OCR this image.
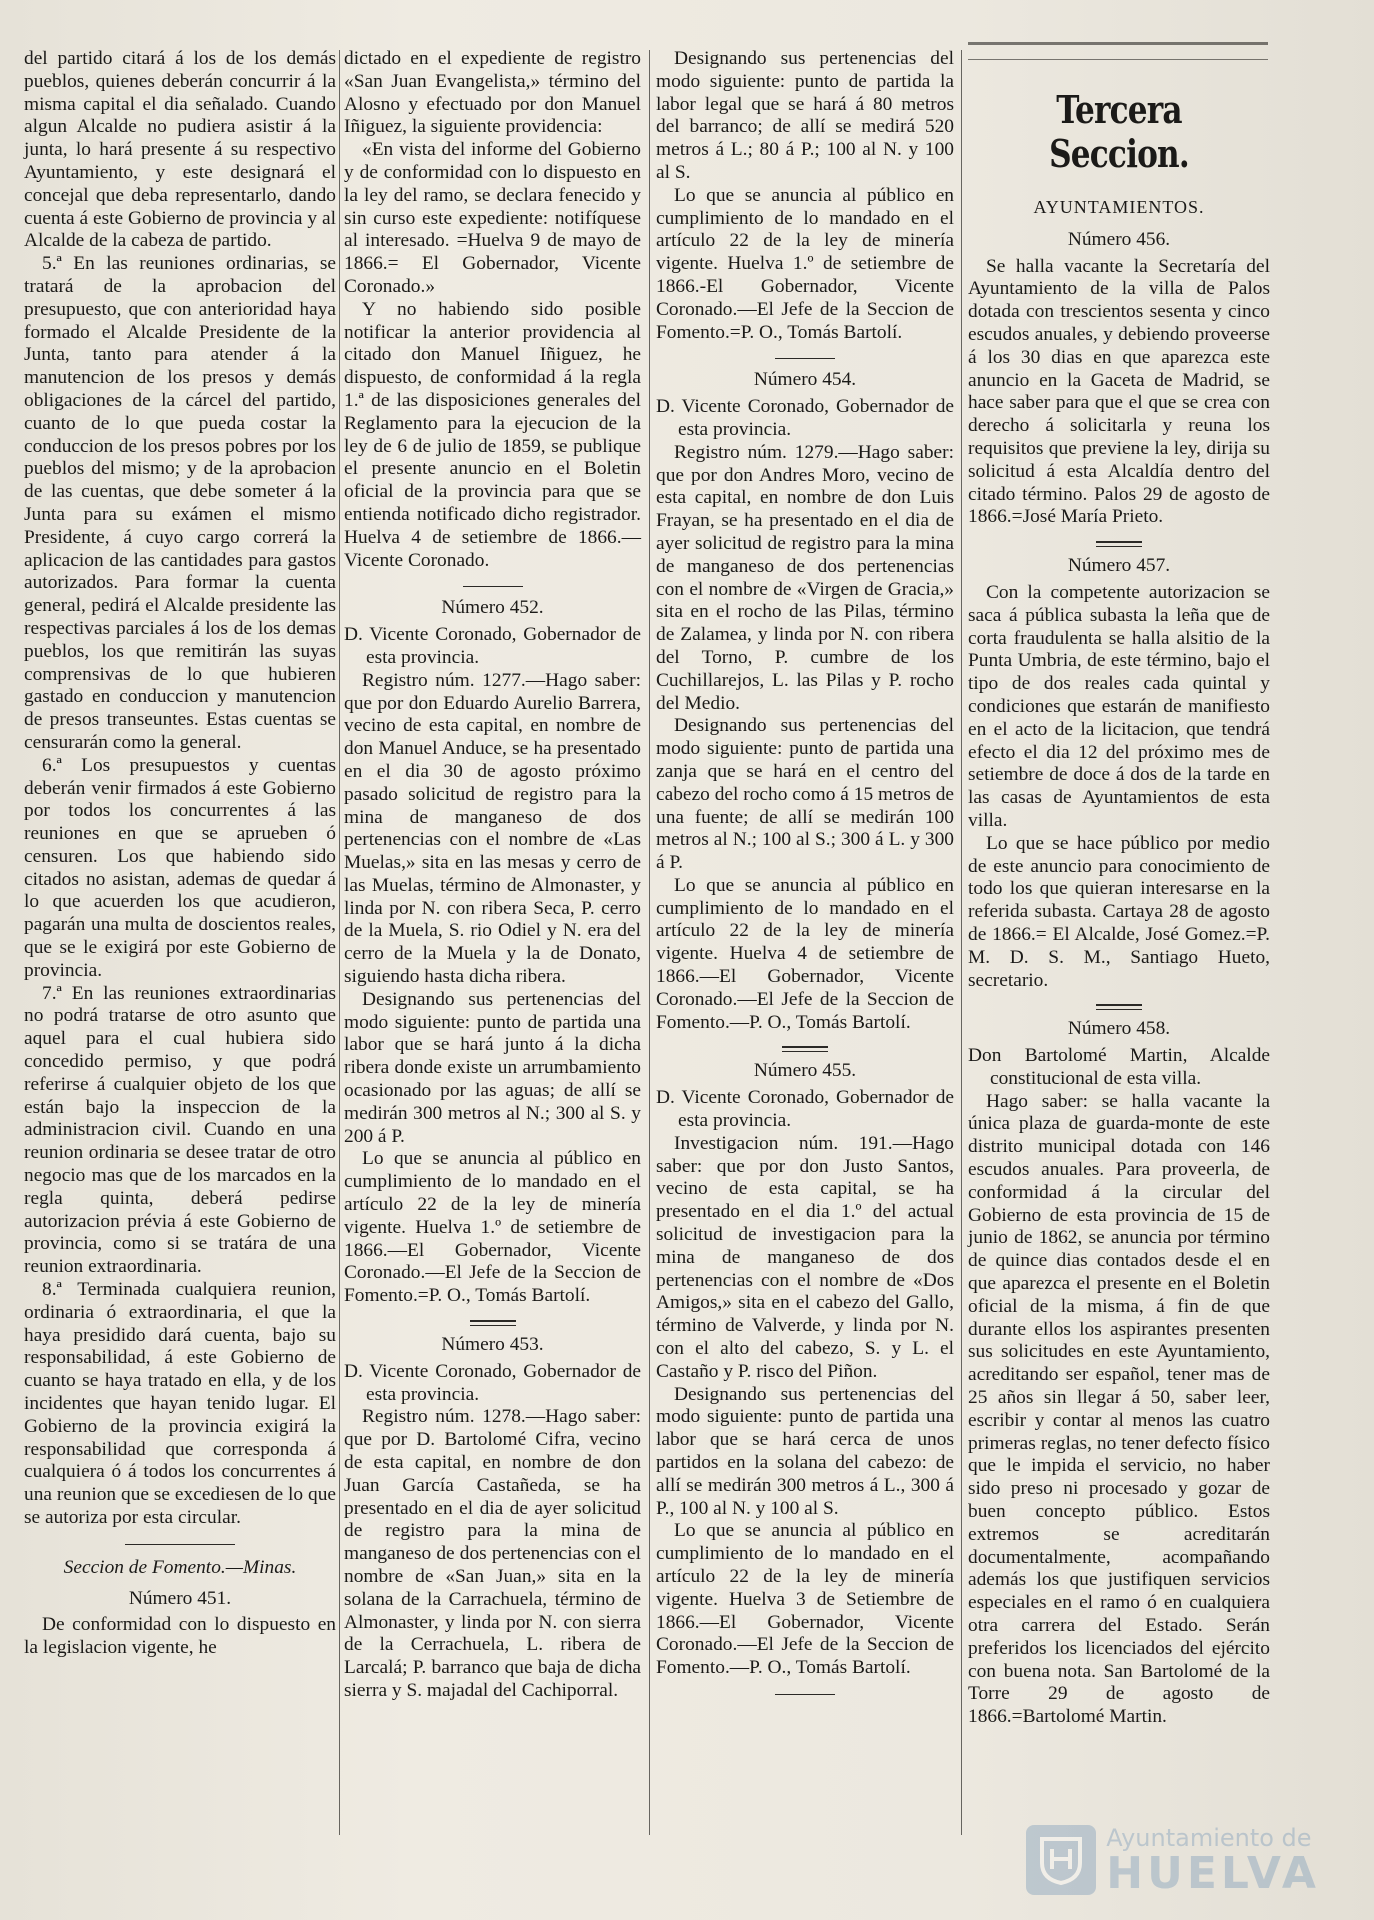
del partido citará á los de los demás pueblos, quienes deberán concurrir á la misma capital el dia señalado. Cuando algun Alcalde no pudiera asistir á la junta, lo hará presente á su respectivo Ayuntamiento, y este designará el concejal que deba representarlo, dando cuenta á este Gobierno de provincia y al Alcalde de la cabeza de partido.

5.ª En las reuniones ordinarias, se tratará de la aprobacion del presupuesto, que con anterioridad haya formado el Alcalde Presidente de la Junta, tanto para atender á la manutencion de los presos y demás obligaciones de la cárcel del partido, cuanto de lo que pueda costar la conduccion de los presos pobres por los pueblos del mismo; y de la aprobacion de las cuentas, que debe someter á la Junta para su exámen el mismo Presidente, á cuyo cargo correrá la aplicacion de las cantidades para gastos autorizados. Para formar la cuenta general, pedirá el Alcalde presidente las respectivas parciales á los de los demas pueblos, los que remitirán las suyas comprensivas de lo que hubieren gastado en conduccion y manutencion de presos transeuntes. Estas cuentas se censurarán como la general.

6.ª Los presupuestos y cuentas deberán venir firmados á este Gobierno por todos los concurrentes á las reuniones en que se aprueben ó censuren. Los que habiendo sido citados no asistan, ademas de quedar á lo que acuerden los que acudieron, pagarán una multa de doscientos reales, que se le exigirá por este Gobierno de provincia.

7.ª En las reuniones extraordinarias no podrá tratarse de otro asunto que aquel para el cual hubiera sido concedido permiso, y que podrá referirse á cualquier objeto de los que están bajo la inspeccion de la administracion civil. Cuando en una reunion ordinaria se desee tratar de otro negocio mas que de los marcados en la regla quinta, deberá pedirse autorizacion prévia á este Gobierno de provincia, como si se tratára de una reunion extraordinaria.

8.ª Terminada cualquiera reunion, ordinaria ó extraordinaria, el que la haya presidido dará cuenta, bajo su responsabilidad, á este Gobierno de cuanto se haya tratado en ella, y de los incidentes que hayan tenido lugar. El Gobierno de la provincia exigirá la responsabilidad que corresponda á cualquiera ó á todos los concurrentes á una reunion que se excediesen de lo que se autoriza por esta circular.

Seccion de Fomento.—Minas.

Número 451.

De conformidad con lo dispuesto en la legislacion vigente, he

dictado en el expediente de registro «San Juan Evangelista,» término del Alosno y efectuado por don Manuel Iñiguez, la siguiente providencia:

«En vista del informe del Gobierno y de conformidad con lo dispuesto en la ley del ramo, se declara fenecido y sin curso este expediente: notifíquese al interesado. =Huelva 9 de mayo de 1866.= El Gobernador, Vicente Coronado.»

Y no habiendo sido posible notificar la anterior providencia al citado don Manuel Iñiguez, he dispuesto, de conformidad á la regla 1.ª de las disposiciones generales del Reglamento para la ejecucion de la ley de 6 de julio de 1859, se publique el presente anuncio en el Boletin oficial de la provincia para que se entienda notificado dicho registrador. Huelva 4 de setiembre de 1866.—Vicente Coronado.

Número 452.

D. Vicente Coronado, Gobernador de esta provincia.

Registro núm. 1277.—Hago saber: que por don Eduardo Aurelio Barrera, vecino de esta capital, en nombre de don Manuel Anduce, se ha presentado en el dia 30 de agosto próximo pasado solicitud de registro para la mina de manganeso de dos pertenencias con el nombre de «Las Muelas,» sita en las mesas y cerro de las Muelas, término de Almonaster, y linda por N. con ribera Seca, P. cerro de la Muela, S. rio Odiel y N. era del cerro de la Muela y la de Donato, siguiendo hasta dicha ribera.

Designando sus pertenencias del modo siguiente: punto de partida una labor que se hará junto á la dicha ribera donde existe un arrumbamiento ocasionado por las aguas; de allí se medirán 300 metros al N.; 300 al S. y 200 á P.

Lo que se anuncia al público en cumplimiento de lo mandado en el artículo 22 de la ley de minería vigente. Huelva 1.º de setiembre de 1866.—El Gobernador, Vicente Coronado.—El Jefe de la Seccion de Fomento.=P. O., Tomás Bartolí.

Número 453.

D. Vicente Coronado, Gobernador de esta provincia.

Registro núm. 1278.—Hago saber: que por D. Bartolomé Cifra, vecino de esta capital, en nombre de don Juan García Castañeda, se ha presentado en el dia de ayer solicitud de registro para la mina de manganeso de dos pertenencias con el nombre de «San Juan,» sita en la solana de la Carrachuela, término de Almonaster, y linda por N. con sierra de la Cerrachuela, L. ribera de Larcalá; P. barranco que baja de dicha sierra y S. majadal del Cachiporral.

Designando sus pertenencias del modo siguiente: punto de partida la labor legal que se hará á 80 metros del barranco; de allí se medirá 520 metros á L.; 80 á P.; 100 al N. y 100 al S.

Lo que se anuncia al público en cumplimiento de lo mandado en el artículo 22 de la ley de minería vigente. Huelva 1.º de setiembre de 1866.-El Gobernador, Vicente Coronado.—El Jefe de la Seccion de Fomento.=P. O., Tomás Bartolí.

Número 454.

D. Vicente Coronado, Gobernador de esta provincia.

Registro núm. 1279.—Hago saber: que por don Andres Moro, vecino de esta capital, en nombre de don Luis Frayan, se ha presentado en el dia de ayer solicitud de registro para la mina de manganeso de dos pertenencias con el nombre de «Virgen de Gracia,» sita en el rocho de las Pilas, término de Zalamea, y linda por N. con ribera del Torno, P. cumbre de los Cuchillarejos, L. las Pilas y P. rocho del Medio.

Designando sus pertenencias del modo siguiente: punto de partida una zanja que se hará en el centro del cabezo del rocho como á 15 metros de una fuente; de allí se medirán 100 metros al N.; 100 al S.; 300 á L. y 300 á P.

Lo que se anuncia al público en cumplimiento de lo mandado en el artículo 22 de la ley de minería vigente. Huelva 4 de setiembre de 1866.—El Gobernador, Vicente Coronado.—El Jefe de la Seccion de Fomento.—P. O., Tomás Bartolí.

Número 455.

D. Vicente Coronado, Gobernador de esta provincia.

Investigacion núm. 191.—Hago saber: que por don Justo Santos, vecino de esta capital, se ha presentado en el dia 1.º del actual solicitud de investigacion para la mina de manganeso de dos pertenencias con el nombre de «Dos Amigos,» sita en el cabezo del Gallo, término de Valverde, y linda por N. con el alto del cabezo, S. y L. el Castaño y P. risco del Piñon.

Designando sus pertenencias del modo siguiente: punto de partida una labor que se hará cerca de unos partidos en la solana del cabezo: de allí se medirán 300 metros á L., 300 á P., 100 al N. y 100 al S.

Lo que se anuncia al público en cumplimiento de lo mandado en el artículo 22 de la ley de minería vigente. Huelva 3 de Setiembre de 1866.—El Gobernador, Vicente Coronado.—El Jefe de la Seccion de Fomento.—P. O., Tomás Bartolí.

Tercera Seccion.

AYUNTAMIENTOS.

Número 456.

Se halla vacante la Secretaría del Ayuntamiento de la villa de Palos dotada con trescientos sesenta y cinco escudos anuales, y debiendo proveerse á los 30 dias en que aparezca este anuncio en la Gaceta de Madrid, se hace saber para que el que se crea con derecho á solicitarla y reuna los requisitos que previene la ley, dirija su solicitud á esta Alcaldía dentro del citado término. Palos 29 de agosto de 1866.=José María Prieto.

Número 457.

Con la competente autorizacion se saca á pública subasta la leña que de corta fraudulenta se halla alsitio de la Punta Umbria, de este término, bajo el tipo de dos reales cada quintal y condiciones que estarán de manifiesto en el acto de la licitacion, que tendrá efecto el dia 12 del próximo mes de setiembre de doce á dos de la tarde en las casas de Ayuntamientos de esta villa.

Lo que se hace público por medio de este anuncio para conocimiento de todo los que quieran interesarse en la referida subasta. Cartaya 28 de agosto de 1866.= El Alcalde, José Gomez.=P. M. D. S. M., Santiago Hueto, secretario.

Número 458.

Don Bartolomé Martin, Alcalde constitucional de esta villa.

Hago saber: se halla vacante la única plaza de guarda-monte de este distrito municipal dotada con 146 escudos anuales. Para proveerla, de conformidad á la circular del Gobierno de esta provincia de 15 de junio de 1862, se anuncia por término de quince dias contados desde el en que aparezca el presente en el Boletin oficial de la misma, á fin de que durante ellos los aspirantes presenten sus solicitudes en este Ayuntamiento, acreditando ser español, tener mas de 25 años sin llegar á 50, saber leer, escribir y contar al menos las cuatro primeras reglas, no tener defecto físico que le impida el servicio, no haber sido preso ni procesado y gozar de buen concepto público. Estos extremos se acreditarán documentalmente, acompañando además los que justifiquen servicios especiales en el ramo ó en cualquiera otra carrera del Estado. Serán preferidos los licenciados del ejército con buena nota. San Bartolomé de la Torre 29 de agosto de 1866.=Bartolomé Martin.

Ayuntamiento de
HUELVA
